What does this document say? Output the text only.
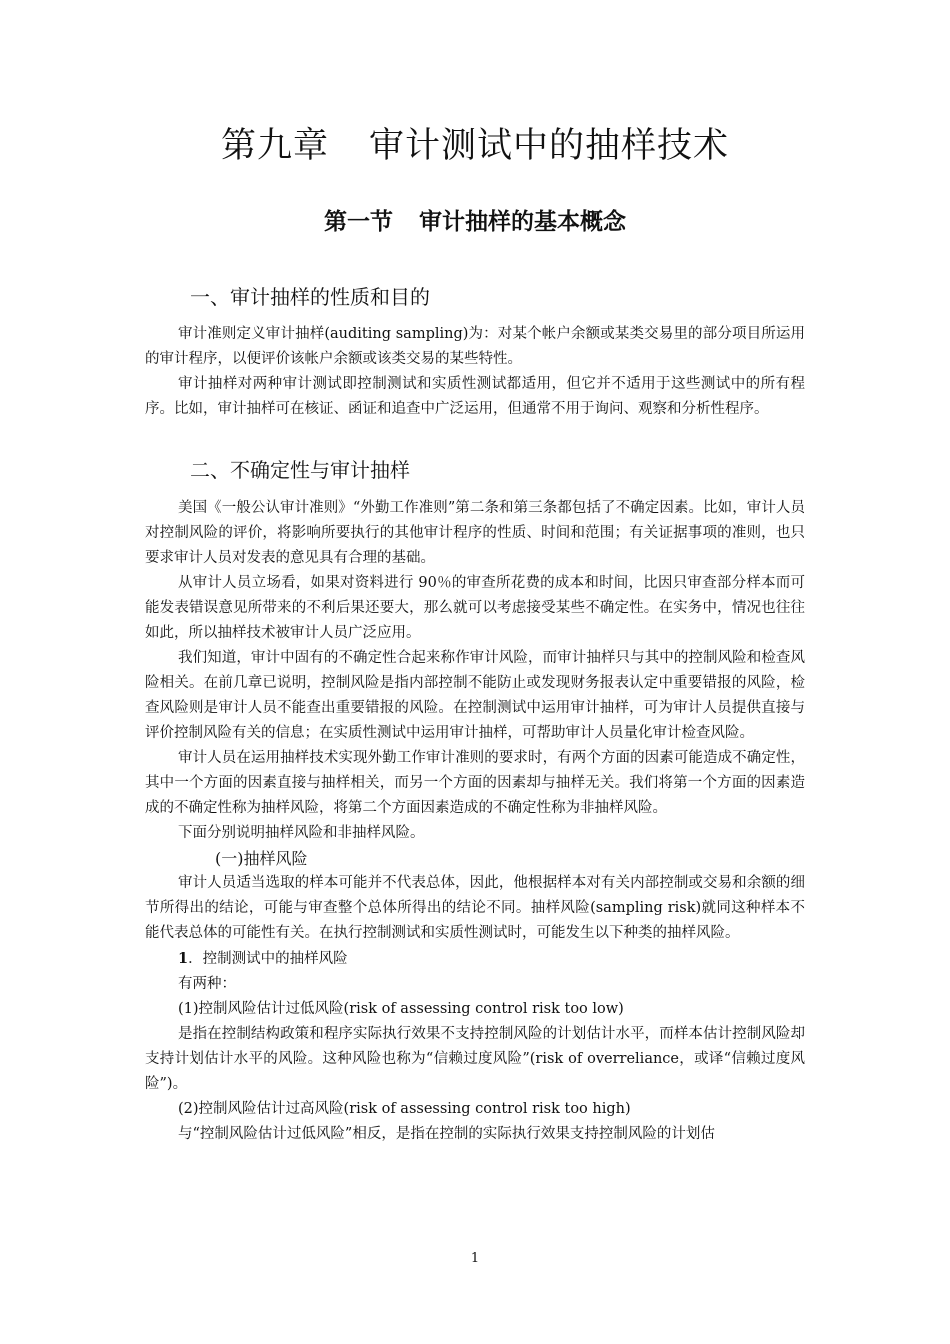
第九章 审计测试中的抽样技术
第一节 审计抽样的基本概念
一、审计抽样的性质和目的

审计准则定义审计抽样(auditing sampling)为：对某个帐户余额或某类交易里的部分项目所运用的审计程序，以便评价该帐户余额或该类交易的某些特性。

审计抽样对两种审计测试即控制测试和实质性测试都适用，但它并不适用于这些测试中的所有程序。比如，审计抽样可在核证、函证和追查中广泛运用，但通常不用于询问、观察和分析性程序。

二、不确定性与审计抽样

美国《一般公认审计准则》“外勤工作准则”第二条和第三条都包括了不确定因素。比如，审计人员对控制风险的评价，将影响所要执行的其他审计程序的性质、时间和范围；有关证据事项的准则，也只要求审计人员对发表的意见具有合理的基础。

从审计人员立场看，如果对资料进行 90％的审查所花费的成本和时间，比因只审查部分样本而可能发表错误意见所带来的不利后果还要大，那么就可以考虑接受某些不确定性。在实务中，情况也往往如此，所以抽样技术被审计人员广泛应用。

我们知道，审计中固有的不确定性合起来称作审计风险，而审计抽样只与其中的控制风险和检查风险相关。在前几章已说明，控制风险是指内部控制不能防止或发现财务报表认定中重要错报的风险，检查风险则是审计人员不能查出重要错报的风险。在控制测试中运用审计抽样，可为审计人员提供直接与评价控制风险有关的信息；在实质性测试中运用审计抽样，可帮助审计人员量化审计检查风险。

审计人员在运用抽样技术实现外勤工作审计准则的要求时，有两个方面的因素可能造成不确定性，其中一个方面的因素直接与抽样相关，而另一个方面的因素却与抽样无关。我们将第一个方面的因素造成的不确定性称为抽样风险，将第二个方面因素造成的不确定性称为非抽样风险。

下面分别说明抽样风险和非抽样风险。

(一)抽样风险

审计人员适当选取的样本可能并不代表总体，因此，他根据样本对有关内部控制或交易和余额的细节所得出的结论，可能与审查整个总体所得出的结论不同。抽样风险(sampling risk)就同这种样本不能代表总体的可能性有关。在执行控制测试和实质性测试时，可能发生以下种类的抽样风险。

1．控制测试中的抽样风险

有两种：

(1)控制风险估计过低风险(risk of assessing control risk too low)

是指在控制结构政策和程序实际执行效果不支持控制风险的计划估计水平，而样本估计控制风险却支持计划估计水平的风险。这种风险也称为“信赖过度风险”(risk of overreliance，或译“信赖过度风险”)。

(2)控制风险估计过高风险(risk of assessing control risk too high)

与“控制风险估计过低风险”相反，是指在控制的实际执行效果支持控制风险的计划估

1
